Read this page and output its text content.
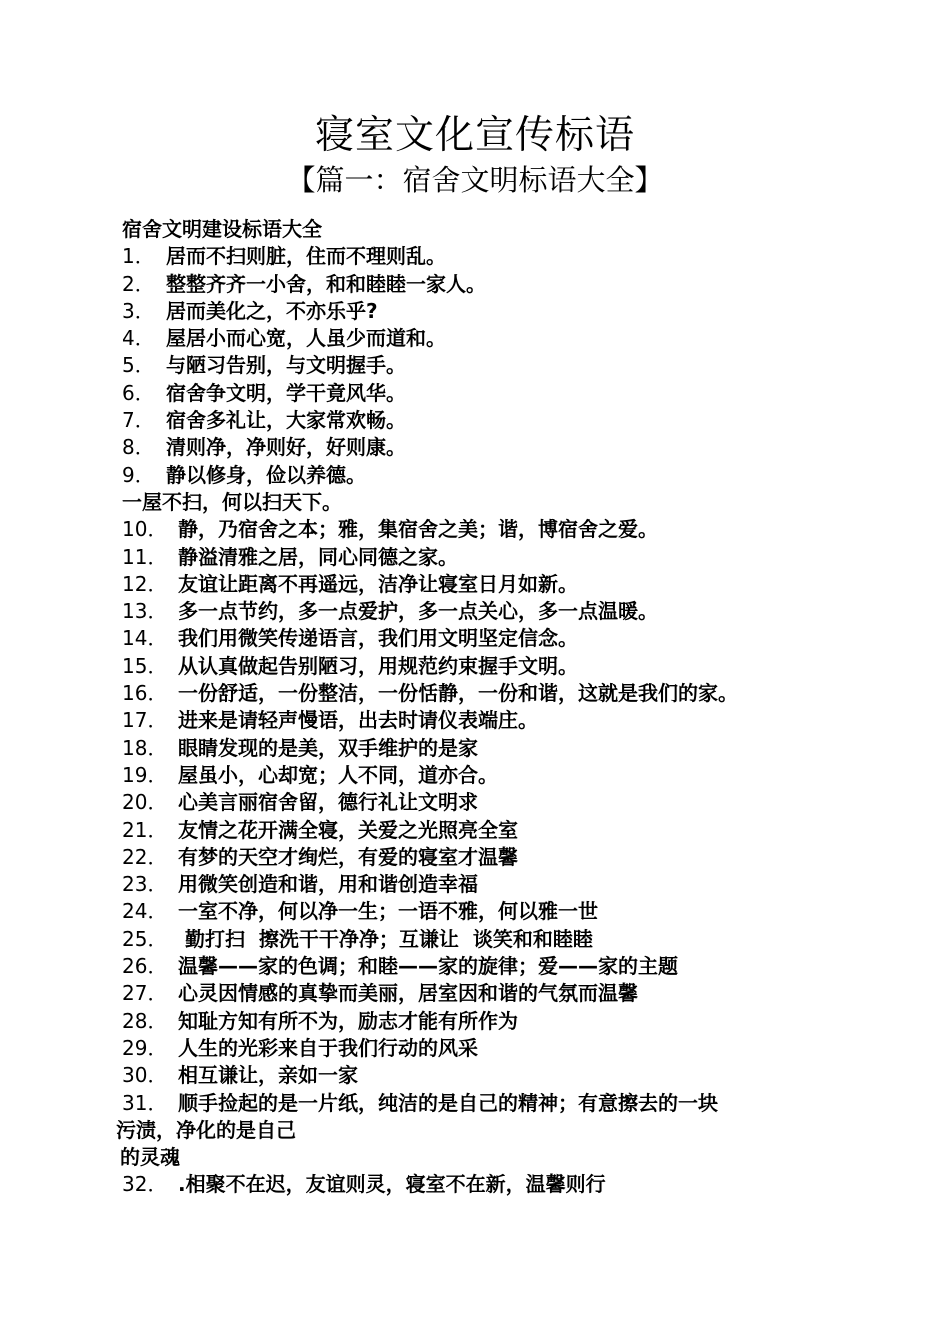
寝室文化宣传标语
【篇一：宿舍文明标语大全】
宿舍文明建设标语大全
1． 居而不扫则脏，住而不理则乱。
2． 整整齐齐一小舍，和和睦睦一家人。
3． 居而美化之，不亦乐乎?
4． 屋居小而心宽，人虽少而道和。
5． 与陋习告别，与文明握手。
6． 宿舍争文明，学干竟风华。
7． 宿舍多礼让，大家常欢畅。
8． 清则净，净则好，好则康。
9． 静以修身，俭以养德。
一屋不扫，何以扫天下。
10． 静，乃宿舍之本；雅，集宿舍之美；谐，博宿舍之爱。
11． 静溢清雅之居，同心同德之家。
12． 友谊让距离不再遥远，洁净让寝室日月如新。
13． 多一点节约，多一点爱护，多一点关心，多一点温暖。
14． 我们用微笑传递语言，我们用文明坚定信念。
15． 从认真做起告别陋习，用规范约束握手文明。
16． 一份舒适，一份整洁，一份恬静，一份和谐，这就是我们的家。
17． 进来是请轻声慢语，出去时请仪表端庄。
18． 眼睛发现的是美，双手维护的是家
19． 屋虽小，心却宽；人不同，道亦合。
20． 心美言丽宿舍留，德行礼让文明求
21． 友情之花开满全寝，关爱之光照亮全室
22． 有梦的天空才绚烂，有爱的寝室才温馨
23． 用微笑创造和谐，用和谐创造幸福
24． 一室不净，何以净一生；一语不雅，何以雅一世
25． 勤打扫  擦洗干干净净；互谦让  谈笑和和睦睦
26． 温馨——家的色调；和睦——家的旋律；爱——家的主题
27． 心灵因情感的真挚而美丽，居室因和谐的气氛而温馨
28． 知耻方知有所不为，励志才能有所作为
29． 人生的光彩来自于我们行动的风采
30． 相互谦让，亲如一家
31． 顺手捡起的是一片纸，纯洁的是自己的精神；有意擦去的一块
污渍，净化的是自己
的灵魂
32． .相聚不在迟，友谊则灵，寝室不在新，温馨则行
